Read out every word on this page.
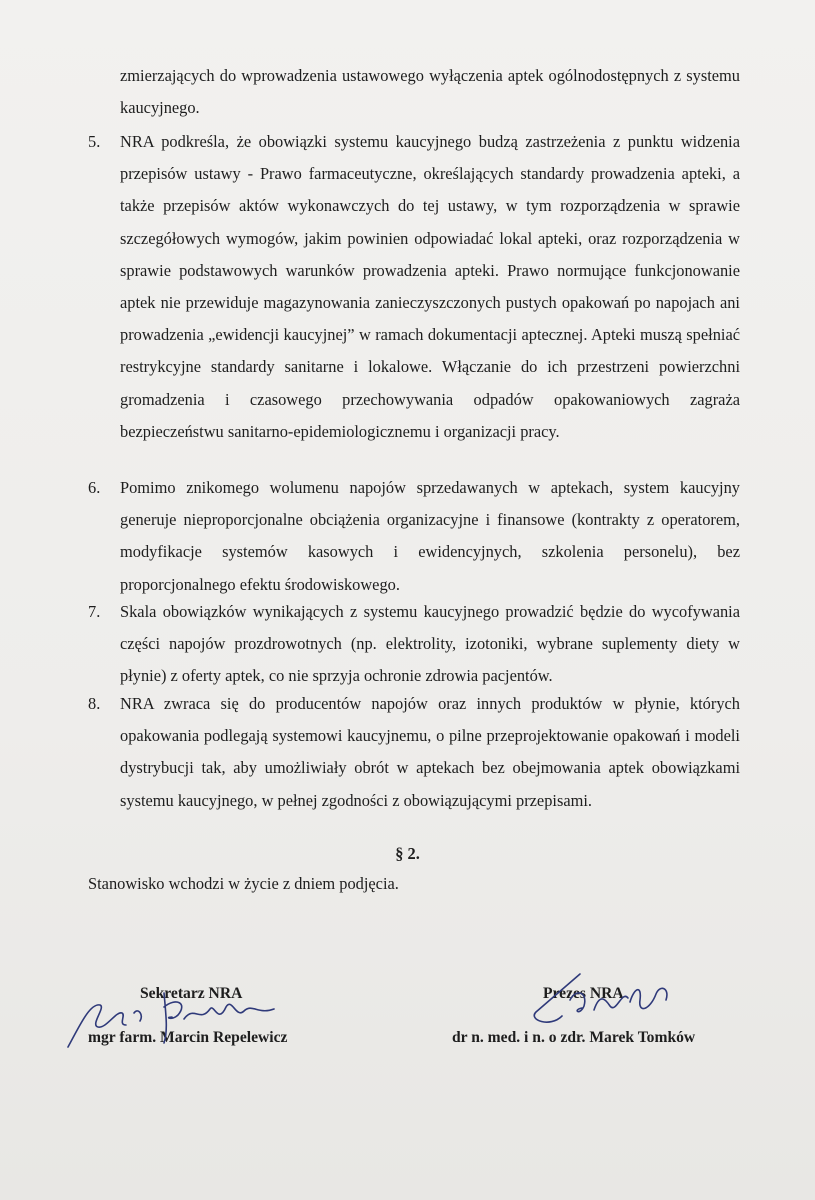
zmierzających do wprowadzenia ustawowego wyłączenia aptek ogólnodostępnych z systemu kaucyjnego.

5. NRA podkreśla, że obowiązki systemu kaucyjnego budzą zastrzeżenia z punktu widzenia przepisów ustawy - Prawo farmaceutyczne, określających standardy prowadzenia apteki, a także przepisów aktów wykonawczych do tej ustawy, w tym rozporządzenia w sprawie szczegółowych wymogów, jakim powinien odpowiadać lokal apteki, oraz rozporządzenia w sprawie podstawowych warunków prowadzenia apteki. Prawo normujące funkcjonowanie aptek nie przewiduje magazynowania zanieczyszczonych pustych opakowań po napojach ani prowadzenia „ewidencji kaucyjnej” w ramach dokumentacji aptecznej. Apteki muszą spełniać restrykcyjne standardy sanitarne i lokalowe. Włączanie do ich przestrzeni powierzchni gromadzenia i czasowego przechowywania odpadów opakowaniowych zagraża bezpieczeństwu sanitarno-epidemiologicznemu i organizacji pracy.

6. Pomimo znikomego wolumenu napojów sprzedawanych w aptekach, system kaucyjny generuje nieproporcjonalne obciążenia organizacyjne i finansowe (kontrakty z operatorem, modyfikacje systemów kasowych i ewidencyjnych, szkolenia personelu), bez proporcjonalnego efektu środowiskowego.

7. Skala obowiązków wynikających z systemu kaucyjnego prowadzić będzie do wycofywania części napojów prozdrowotnych (np. elektrolity, izotoniki, wybrane suplementy diety w płynie) z oferty aptek, co nie sprzyja ochronie zdrowia pacjentów.

8. NRA zwraca się do producentów napojów oraz innych produktów w płynie, których opakowania podlegają systemowi kaucyjnemu, o pilne przeprojektowanie opakowań i modeli dystrybucji tak, aby umożliwiały obrót w aptekach bez obejmowania aptek obowiązkami systemu kaucyjnego, w pełnej zgodności z obowiązującymi przepisami.

§ 2.
Stanowisko wchodzi w życie z dniem podjęcia.
Sekretarz NRA
mgr farm. Marcin Repelewicz
Prezes NRA
dr n. med. i n. o zdr. Marek Tomków
